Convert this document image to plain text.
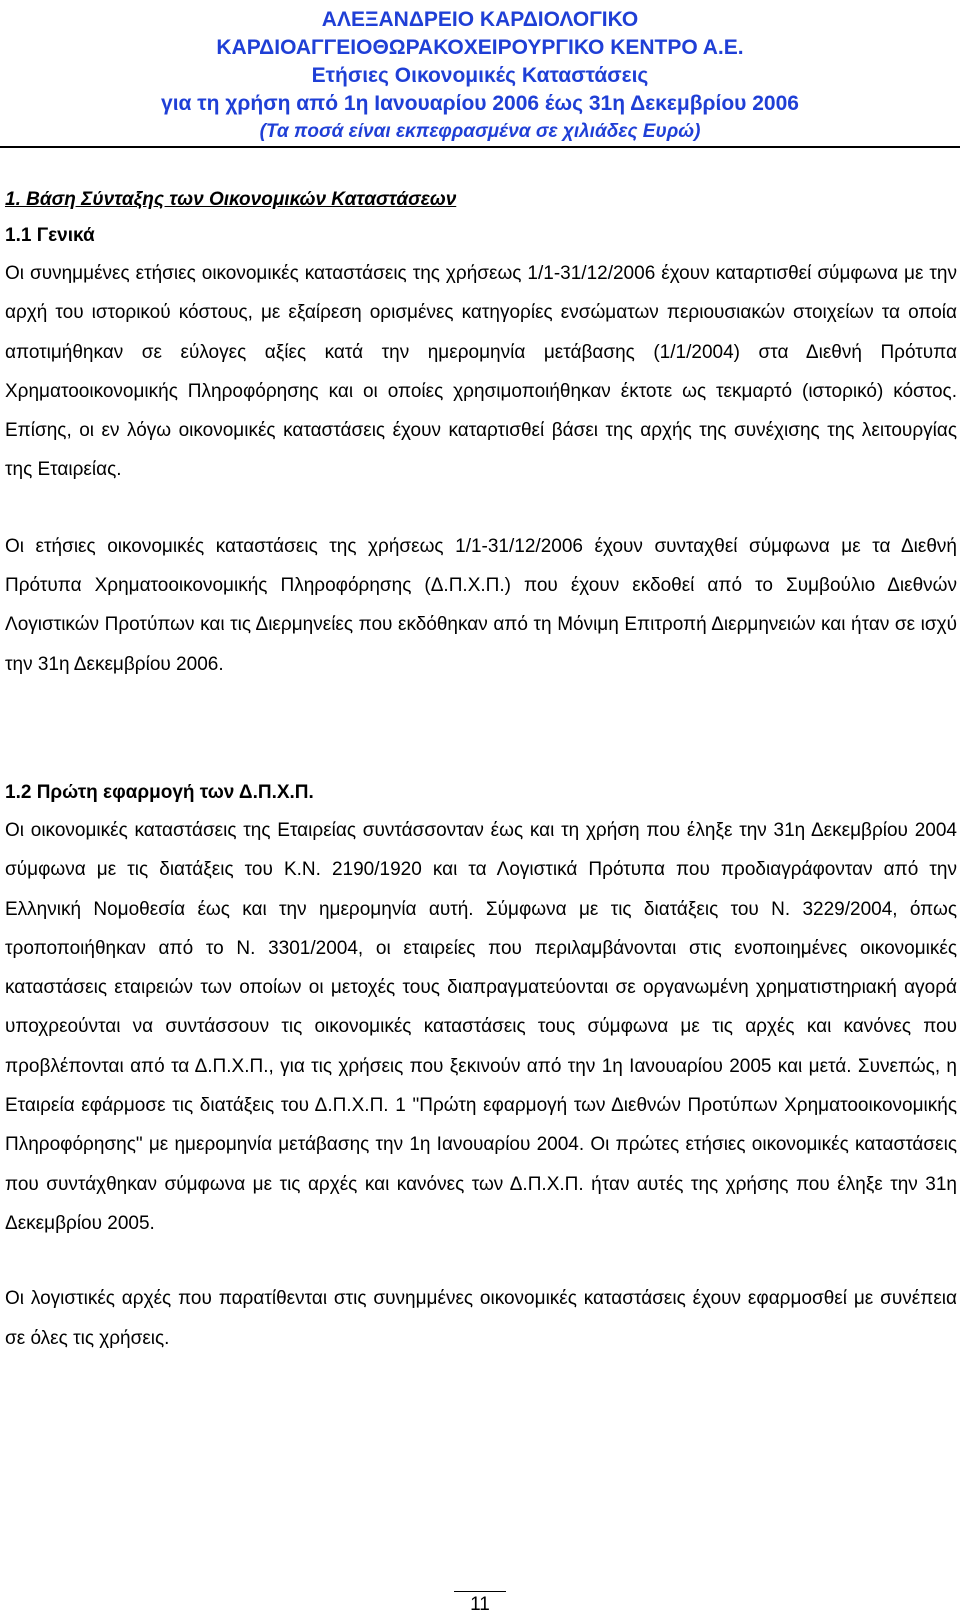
ΑΛΕΞΑΝΔΡΕΙΟ ΚΑΡΔΙΟΛΟΓΙΚΟ
ΚΑΡΔΙΟΑΓΓΕΙΟΘΩΡΑΚΟΧΕΙΡΟΥΡΓΙΚΟ ΚΕΝΤΡΟ Α.Ε.
Ετήσιες Οικονομικές Καταστάσεις
για τη χρήση από 1η Ιανουαρίου 2006 έως 31η Δεκεμβρίου 2006
(Τα ποσά είναι εκπεφρασμένα σε χιλιάδες Ευρώ)
1. Βάση Σύνταξης των Οικονομικών Καταστάσεων
1.1 Γενικά

Οι συνημμένες ετήσιες οικονομικές καταστάσεις της χρήσεως 1/1-31/12/2006 έχουν καταρτισθεί σύμφωνα με την αρχή του ιστορικού κόστους, με εξαίρεση ορισμένες κατηγορίες ενσώματων περιουσιακών στοιχείων τα οποία αποτιμήθηκαν σε εύλογες αξίες κατά την ημερομηνία μετάβασης (1/1/2004) στα Διεθνή Πρότυπα Χρηματοοικονομικής Πληροφόρησης και οι οποίες χρησιμοποιήθηκαν έκτοτε ως τεκμαρτό (ιστορικό) κόστος. Επίσης, οι εν λόγω οικονομικές καταστάσεις έχουν καταρτισθεί βάσει της αρχής της συνέχισης της λειτουργίας της Εταιρείας.

Οι ετήσιες οικονομικές καταστάσεις της χρήσεως 1/1-31/12/2006 έχουν συνταχθεί σύμφωνα με τα Διεθνή Πρότυπα Χρηματοοικονομικής Πληροφόρησης (Δ.Π.Χ.Π.) που έχουν εκδοθεί από το Συμβούλιο Διεθνών Λογιστικών Προτύπων και τις Διερμηνείες που εκδόθηκαν από τη Μόνιμη Επιτροπή Διερμηνειών και ήταν σε ισχύ την 31η Δεκεμβρίου 2006.

1.2 Πρώτη εφαρμογή των Δ.Π.Χ.Π.

Οι οικονομικές καταστάσεις της Εταιρείας συντάσσονταν έως και τη χρήση που έληξε την 31η Δεκεμβρίου 2004 σύμφωνα με τις διατάξεις του Κ.Ν. 2190/1920 και τα Λογιστικά Πρότυπα που προδιαγράφονταν από την Ελληνική Νομοθεσία έως και την ημερομηνία αυτή. Σύμφωνα με τις διατάξεις του Ν. 3229/2004, όπως τροποποιήθηκαν από το Ν. 3301/2004, οι εταιρείες που περιλαμβάνονται στις ενοποιημένες οικονομικές καταστάσεις εταιρειών των οποίων οι μετοχές τους διαπραγματεύονται σε οργανωμένη χρηματιστηριακή αγορά υποχρεούνται να συντάσσουν τις οικονομικές καταστάσεις τους σύμφωνα με τις αρχές και κανόνες που προβλέπονται από τα Δ.Π.Χ.Π., για τις χρήσεις που ξεκινούν από την 1η Ιανουαρίου 2005 και μετά. Συνεπώς, η Εταιρεία εφάρμοσε τις διατάξεις του Δ.Π.Χ.Π. 1 "Πρώτη εφαρμογή των Διεθνών Προτύπων Χρηματοοικονομικής Πληροφόρησης" με ημερομηνία μετάβασης την 1η Ιανουαρίου 2004. Οι πρώτες ετήσιες οικονομικές καταστάσεις που συντάχθηκαν σύμφωνα με τις αρχές και κανόνες των Δ.Π.Χ.Π. ήταν αυτές της χρήσης που έληξε την 31η Δεκεμβρίου 2005.

Οι λογιστικές αρχές που παρατίθενται στις συνημμένες οικονομικές καταστάσεις έχουν εφαρμοσθεί με συνέπεια σε όλες τις χρήσεις.

11
